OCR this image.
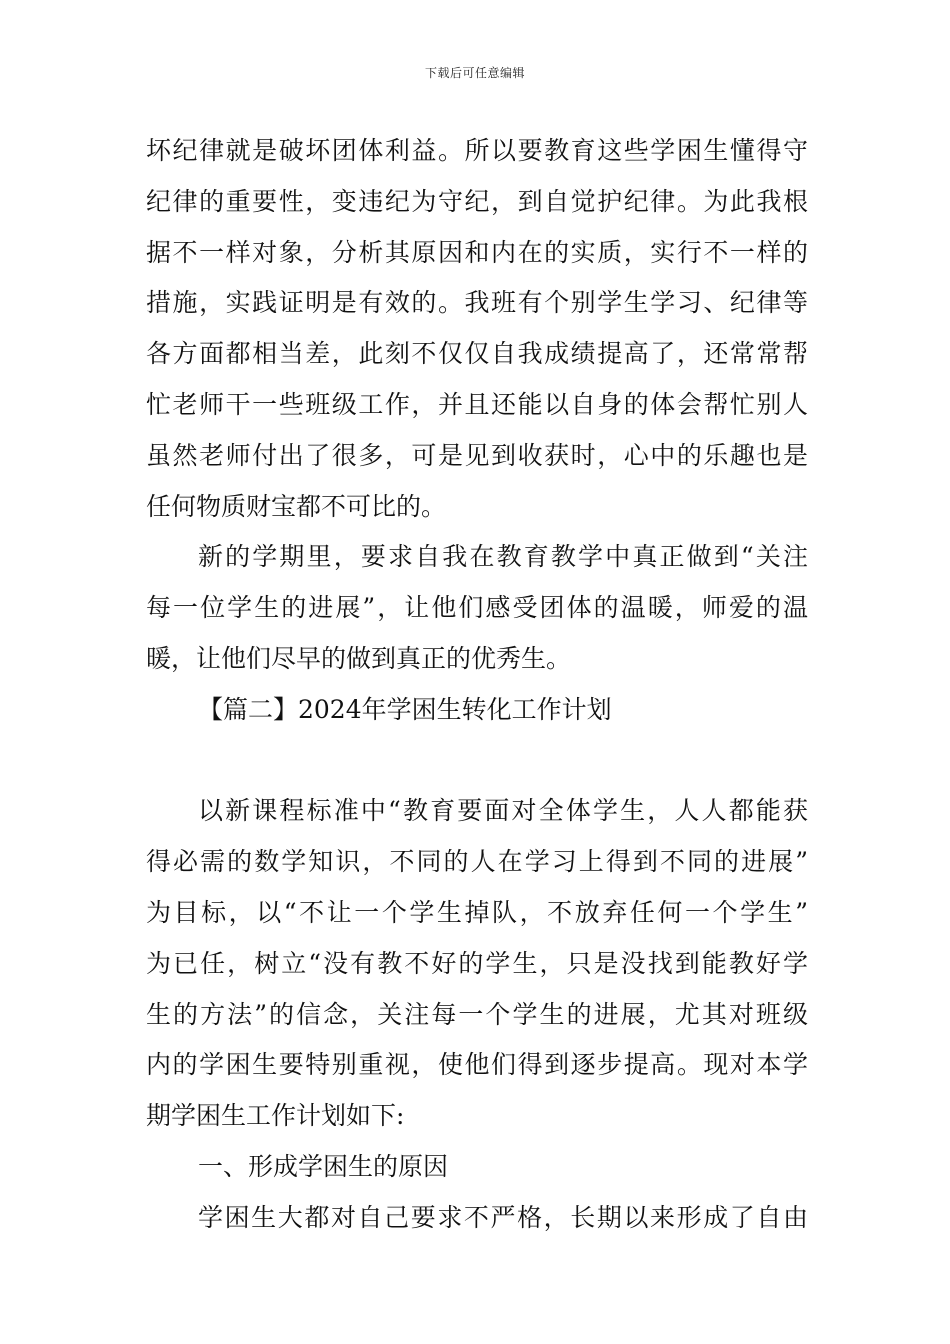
下载后可任意编辑
坏纪律就是破坏团体利益。所以要教育这些学困生懂得守
纪律的重要性，变违纪为守纪，到自觉护纪律。为此我根
据不一样对象，分析其原因和内在的实质，实行不一样的
措施，实践证明是有效的。我班有个别学生学习、纪律等
各方面都相当差，此刻不仅仅自我成绩提高了，还常常帮
忙老师干一些班级工作，并且还能以自身的体会帮忙别人
虽然老师付出了很多，可是见到收获时，心中的乐趣也是
任何物质财宝都不可比的。
新的学期里，要求自我在教育教学中真正做到“关注
每一位学生的进展”，让他们感受团体的温暖，师爱的温
暖，让他们尽早的做到真正的优秀生。
【篇二】2024年学困生转化工作计划
以新课程标准中“教育要面对全体学生，人人都能获
得必需的数学知识，不同的人在学习上得到不同的进展”
为目标，以“不让一个学生掉队，不放弃任何一个学生”
为已任，树立“没有教不好的学生，只是没找到能教好学
生的方法”的信念，关注每一个学生的进展，尤其对班级
内的学困生要特别重视，使他们得到逐步提高。现对本学
期学困生工作计划如下:
一、形成学困生的原因
学困生大都对自己要求不严格，长期以来形成了自由
